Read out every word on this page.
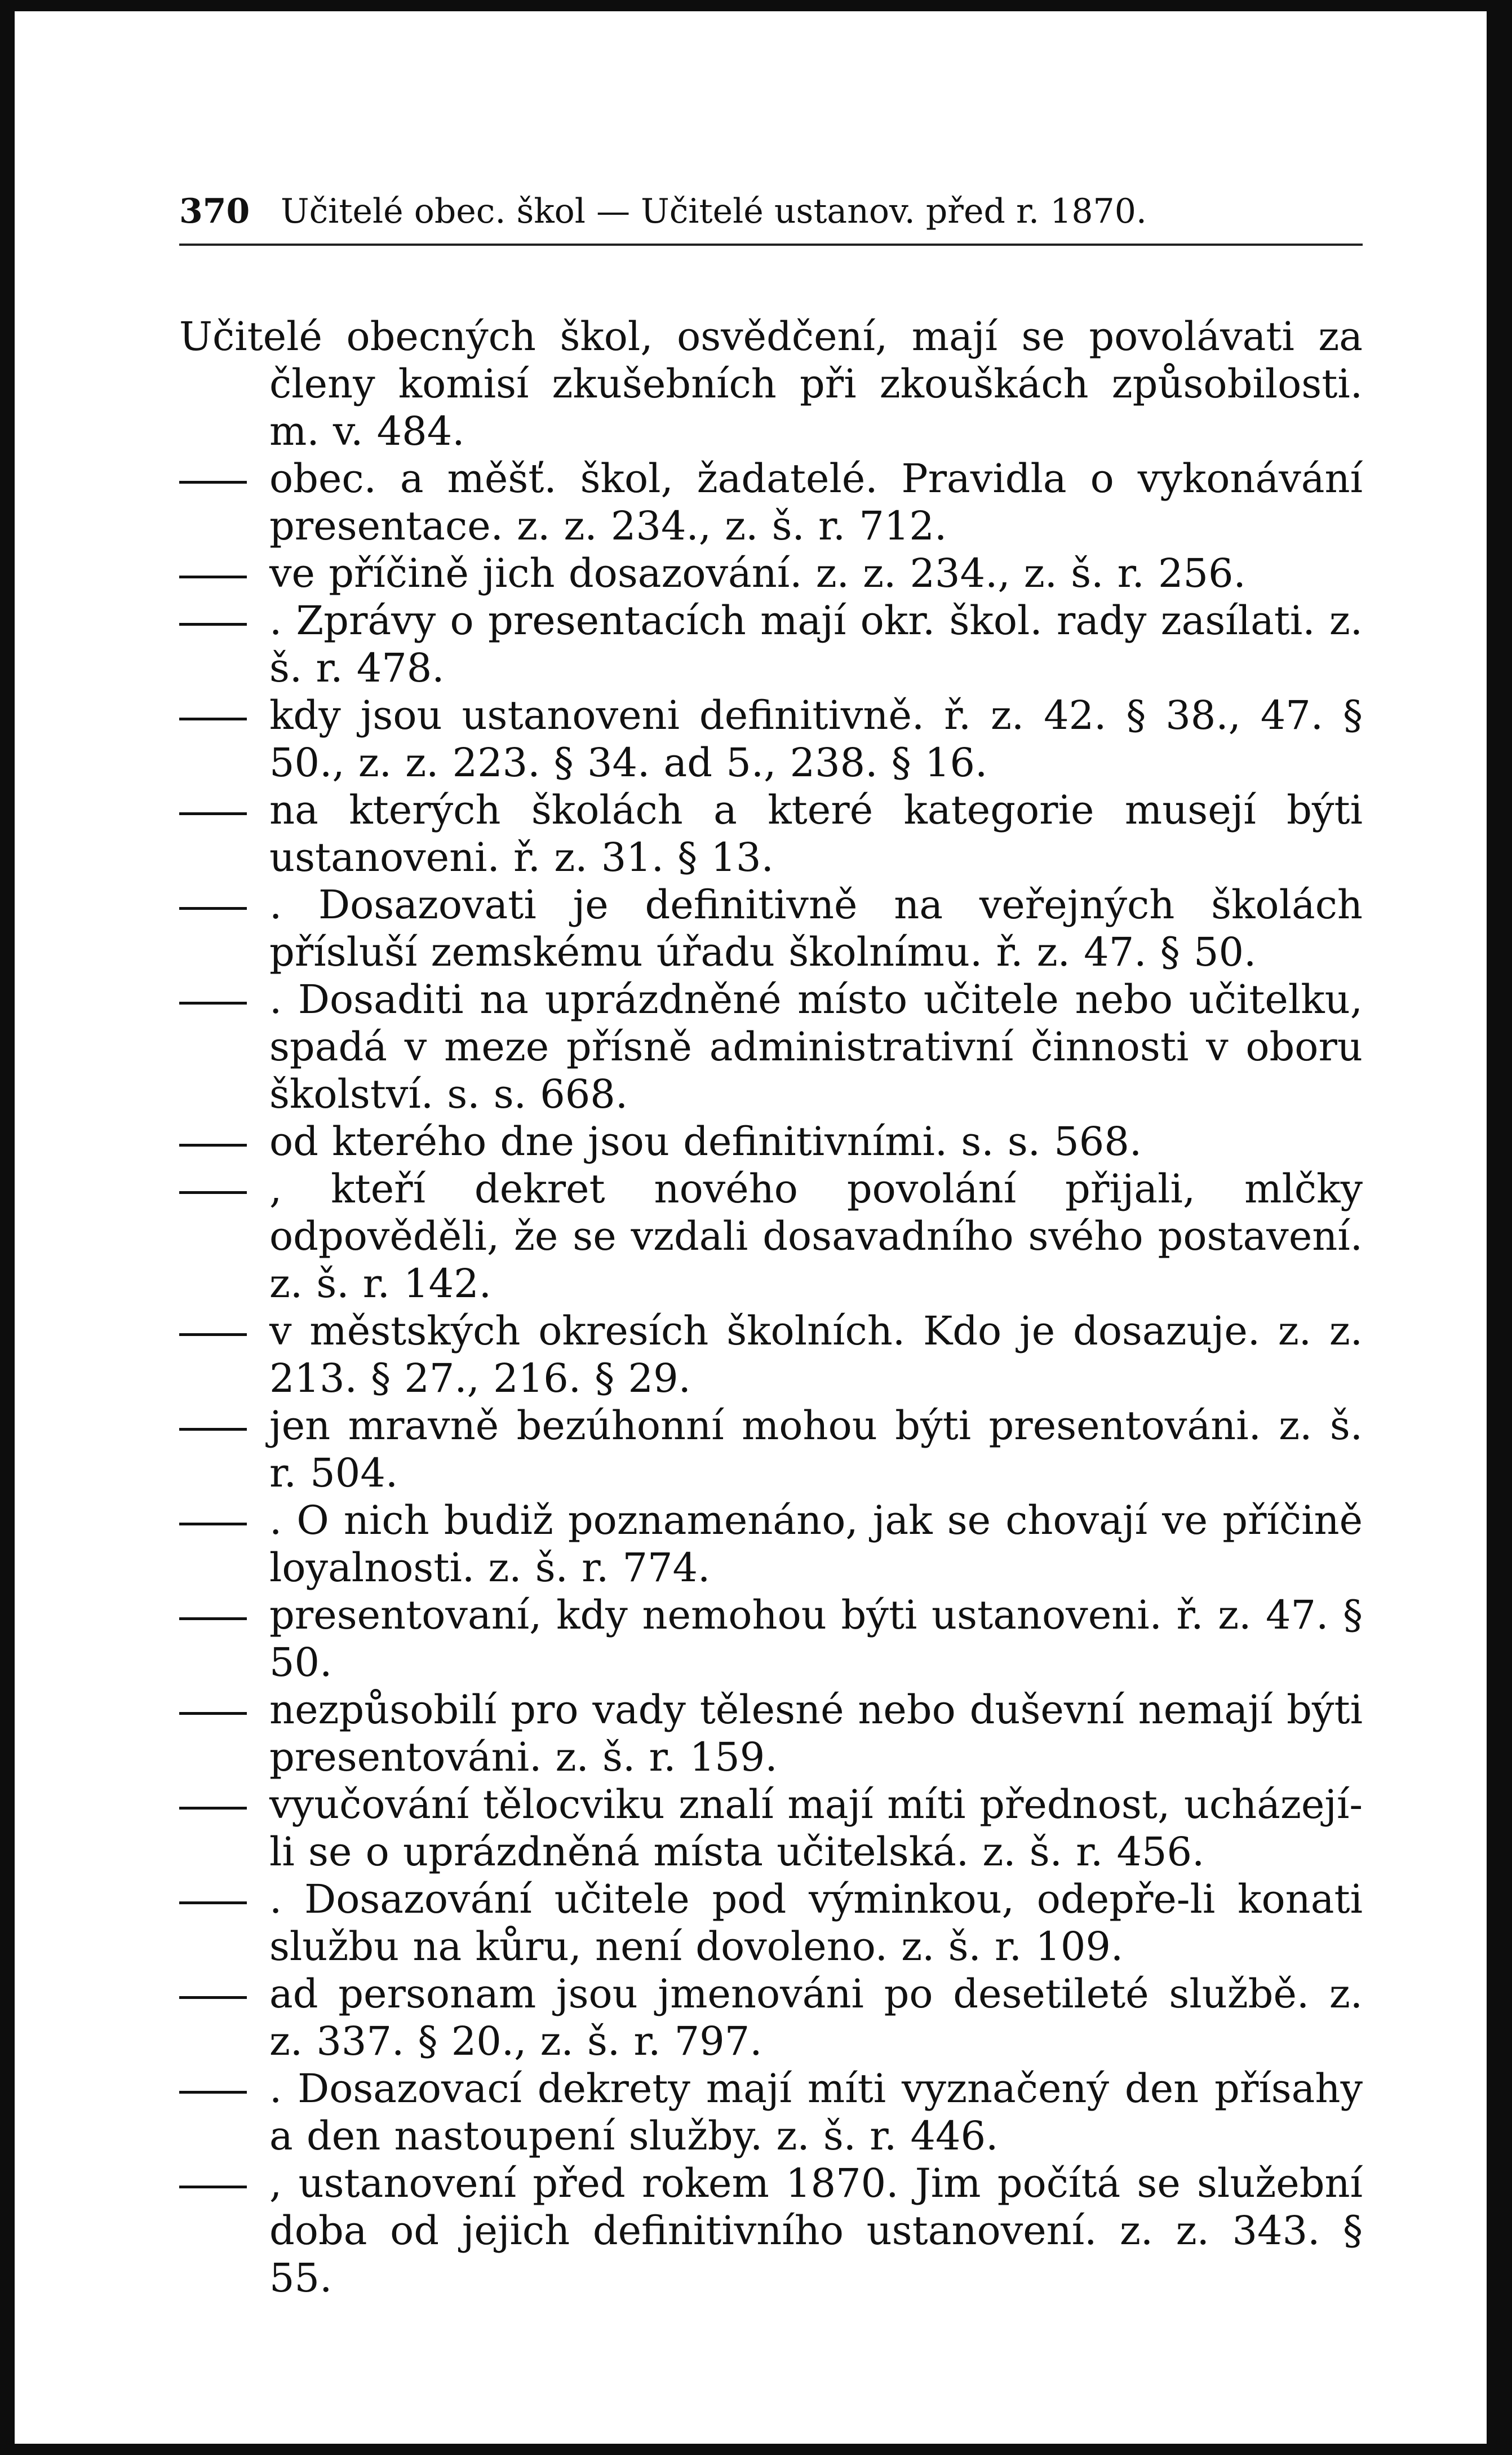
370 Učitelé obec. škol — Učitelé ustanov. před r. 1870.
Učitelé obecných škol, osvědčení, mají se povolávati za členy komisí zkušebních při zkouškách způsobilosti. m. v. 484.
obec. a měšť. škol, žadatelé. Pravidla o vykonávání presentace. z. z. 234., z. š. r. 712.
ve příčině jich dosazování. z. z. 234., z. š. r. 256.
. Zprávy o presentacích mají okr. škol. rady zasílati. z. š. r. 478.
kdy jsou ustanoveni definitivně. ř. z. 42. § 38., 47. § 50., z. z. 223. § 34. ad 5., 238. § 16.
na kterých školách a které kategorie musejí býti ustanoveni. ř. z. 31. § 13.
. Dosazovati je definitivně na veřejných školách přísluší zemskému úřadu školnímu. ř. z. 47. § 50.
. Dosaditi na uprázdněné místo učitele nebo učitelku, spadá v meze přísně administrativní činnosti v oboru školství. s. s. 668.
od kterého dne jsou definitivními. s. s. 568.
, kteří dekret nového povolání přijali, mlčky odpověděli, že se vzdali dosavadního svého postavení. z. š. r. 142.
v městských okresích školních. Kdo je dosazuje. z. z. 213. § 27., 216. § 29.
jen mravně bezúhonní mohou býti presentováni. z. š. r. 504.
. O nich budiž poznamenáno, jak se chovají ve příčině loyalnosti. z. š. r. 774.
presentovaní, kdy nemohou býti ustanoveni. ř. z. 47. § 50.
nezpůsobilí pro vady tělesné nebo duševní nemají býti presentováni. z. š. r. 159.
vyučování tělocviku znalí mají míti přednost, ucházejí-li se o uprázdněná místa učitelská. z. š. r. 456.
. Dosazování učitele pod výminkou, odepře-li konati službu na kůru, není dovoleno. z. š. r. 109.
ad personam jsou jmenováni po desetileté službě. z. z. 337. § 20., z. š. r. 797.
. Dosazovací dekrety mají míti vyznačený den přísahy a den nastoupení služby. z. š. r. 446.
, ustanovení před rokem 1870. Jim počítá se služební doba od jejich definitivního ustanovení. z. z. 343. § 55.
